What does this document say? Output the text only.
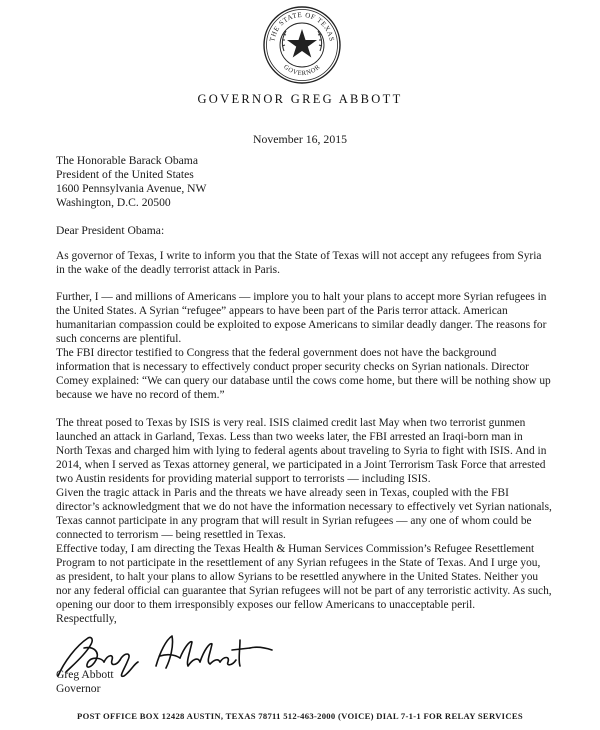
THE STATE OF TEXAS
GOVERNOR
GOVERNOR GREG ABBOTT
November 16, 2015
The Honorable Barack Obama
President of the United States
1600 Pennsylvania Avenue, NW
Washington, D.C. 20500
Dear President Obama:
As governor of Texas, I write to inform you that the State of Texas will not accept any refugees from Syria in the wake of the deadly terrorist attack in Paris.
Further, I — and millions of Americans — implore you to halt your plans to accept more Syrian refugees in the United States. A Syrian “refugee” appears to have been part of the Paris terror attack. American humanitarian compassion could be exploited to expose Americans to similar deadly danger. The reasons for such concerns are plentiful.
The FBI director testified to Congress that the federal government does not have the background information that is necessary to effectively conduct proper security checks on Syrian nationals. Director Comey explained: “We can query our database until the cows come home, but there will be nothing show up because we have no record of them.”
The threat posed to Texas by ISIS is very real. ISIS claimed credit last May when two terrorist gunmen launched an attack in Garland, Texas. Less than two weeks later, the FBI arrested an Iraqi-born man in North Texas and charged him with lying to federal agents about traveling to Syria to fight with ISIS. And in 2014, when I served as Texas attorney general, we participated in a Joint Terrorism Task Force that arrested two Austin residents for providing material support to terrorists — including ISIS.
Given the tragic attack in Paris and the threats we have already seen in Texas, coupled with the FBI director’s acknowledgment that we do not have the information necessary to effectively vet Syrian nationals, Texas cannot participate in any program that will result in Syrian refugees — any one of whom could be connected to terrorism — being resettled in Texas.
Effective today, I am directing the Texas Health & Human Services Commission’s Refugee Resettlement Program to not participate in the resettlement of any Syrian refugees in the State of Texas. And I urge you, as president, to halt your plans to allow Syrians to be resettled anywhere in the United States. Neither you nor any federal official can guarantee that Syrian refugees will not be part of any terroristic activity. As such, opening our door to them irresponsibly exposes our fellow Americans to unacceptable peril.
Respectfully,
Greg Abbott
Governor
POST OFFICE BOX 12428 AUSTIN, TEXAS 78711 512-463-2000 (VOICE) DIAL 7-1-1 FOR RELAY SERVICES
